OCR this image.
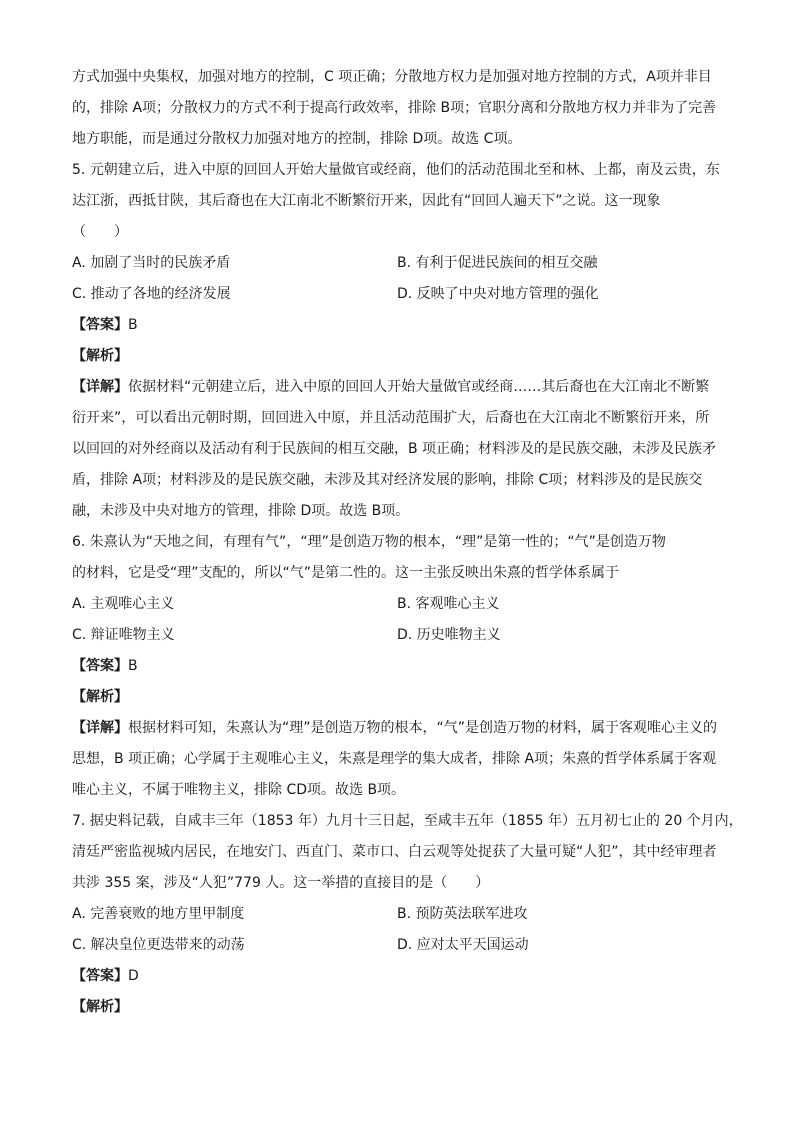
方式加强中央集权，加强对地方的控制，C 项正确；分散地方权力是加强对地方控制的方式，A项并非目
的，排除 A项；分散权力的方式不利于提高行政效率，排除 B项；官职分离和分散地方权力并非为了完善
地方职能，而是通过分散权力加强对地方的控制，排除 D项。故选 C项。
5. 元朝建立后，进入中原的回回人开始大量做官或经商，他们的活动范围北至和林、上都，南及云贵，东
达江浙，西抵甘陕，其后裔也在大江南北不断繁衍开来，因此有“回回人遍天下”之说。这一现象
（　　）
A. 加剧了当时的民族矛盾	B. 有利于促进民族间的相互交融
C. 推动了各地的经济发展	D. 反映了中央对地方管理的强化
【答案】B
【解析】
【详解】依据材料“元朝建立后，进入中原的回回人开始大量做官或经商……其后裔也在大江南北不断繁
衍开来”，可以看出元朝时期，回回进入中原，并且活动范围扩大，后裔也在大江南北不断繁衍开来，所
以回回的对外经商以及活动有利于民族间的相互交融，B 项正确；材料涉及的是民族交融，未涉及民族矛
盾，排除 A项；材料涉及的是民族交融，未涉及其对经济发展的影响，排除 C项；材料涉及的是民族交
融，未涉及中央对地方的管理，排除 D项。故选 B项。
6. 朱熹认为“天地之间，有理有气”，“理”是创造万物的根本，“理”是第一性的；“气”是创造万物
的材料，它是受“理”支配的，所以“气”是第二性的。这一主张反映出朱熹的哲学体系属于
A. 主观唯心主义	B. 客观唯心主义
C. 辩证唯物主义	D. 历史唯物主义
【答案】B
【解析】
【详解】根据材料可知，朱熹认为“理”是创造万物的根本，“气”是创造万物的材料，属于客观唯心主义的
思想，B 项正确；心学属于主观唯心主义，朱熹是理学的集大成者，排除 A项；朱熹的哲学体系属于客观
唯心主义，不属于唯物主义，排除 CD项。故选 B项。
7. 据史料记载，自咸丰三年（1853 年）九月十三日起，至咸丰五年（1855 年）五月初七止的 20 个月内，
清廷严密监视城内居民，在地安门、西直门、菜市口、白云观等处捉获了大量可疑“人犯”，其中经审理者
共涉 355 案，涉及“人犯”779 人。这一举措的直接目的是（　　）
A. 完善衰败的地方里甲制度	B. 预防英法联军进攻
C. 解决皇位更迭带来的动荡	D. 应对太平天国运动
【答案】D
【解析】
